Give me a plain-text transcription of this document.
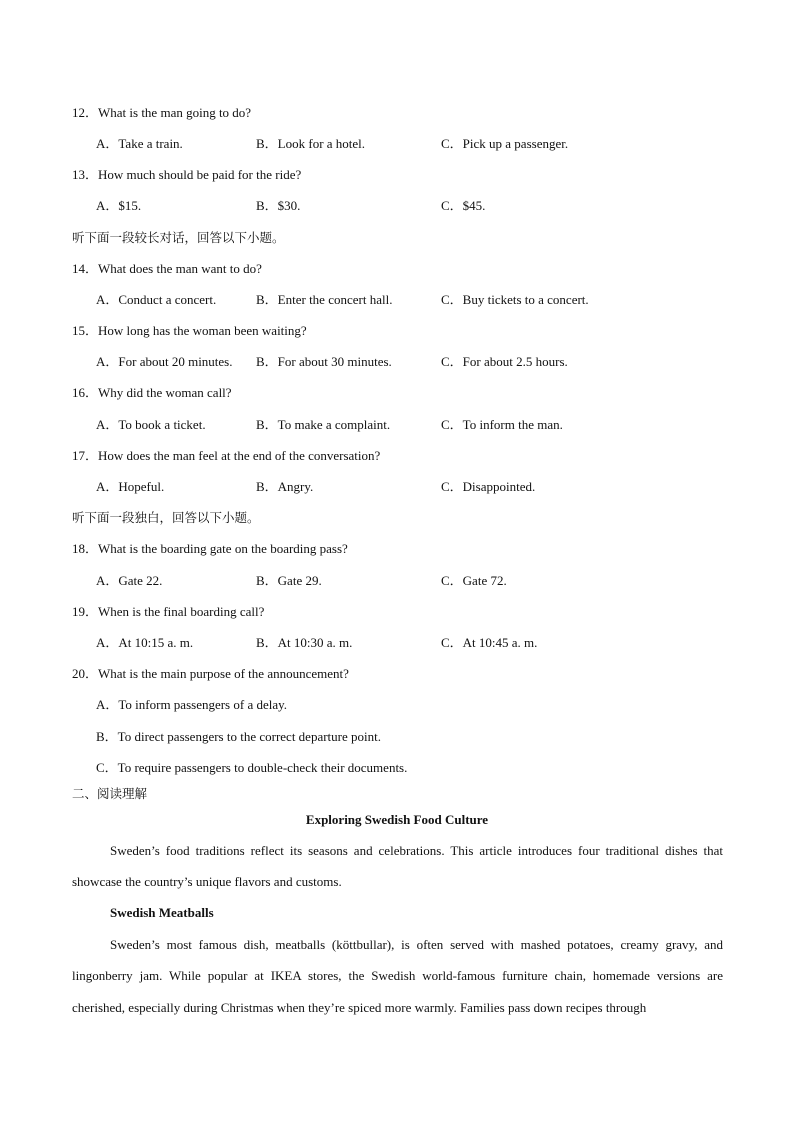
12．What is the man going to do?
A．Take a train.	B．Look for a hotel.	C．Pick up a passenger.
13．How much should be paid for the ride?
A．$15.	B．$30.	C．$45.
听下面一段较长对话，回答以下小题。
14．What does the man want to do?
A．Conduct a concert.	B．Enter the concert hall.	C．Buy tickets to a concert.
15．How long has the woman been waiting?
A．For about 20 minutes. B．For about 30 minutes.	C．For about 2.5 hours.
16．Why did the woman call?
A．To book a ticket.	B．To make a complaint.	C．To inform the man.
17．How does the man feel at the end of the conversation?
A．Hopeful.	B．Angry.	C．Disappointed.
听下面一段独白，回答以下小题。
18．What is the boarding gate on the boarding pass?
A．Gate 22.	B．Gate 29.	C．Gate 72.
19．When is the final boarding call?
A．At 10:15 a. m.	B．At 10:30 a. m.	C．At 10:45 a. m.
20．What is the main purpose of the announcement?
A．To inform passengers of a delay.
B．To direct passengers to the correct departure point.
C．To require passengers to double-check their documents.
二、阅读理解
Exploring Swedish Food Culture

Sweden’s food traditions reflect its seasons and celebrations. This article introduces four traditional dishes that showcase the country’s unique flavors and customs.

Swedish Meatballs

Sweden’s most famous dish, meatballs (köttbullar), is often served with mashed potatoes, creamy gravy, and lingonberry jam. While popular at IKEA stores, the Swedish world-famous furniture chain, homemade versions are cherished, especially during Christmas when they’re spiced more warmly. Families pass down recipes through
